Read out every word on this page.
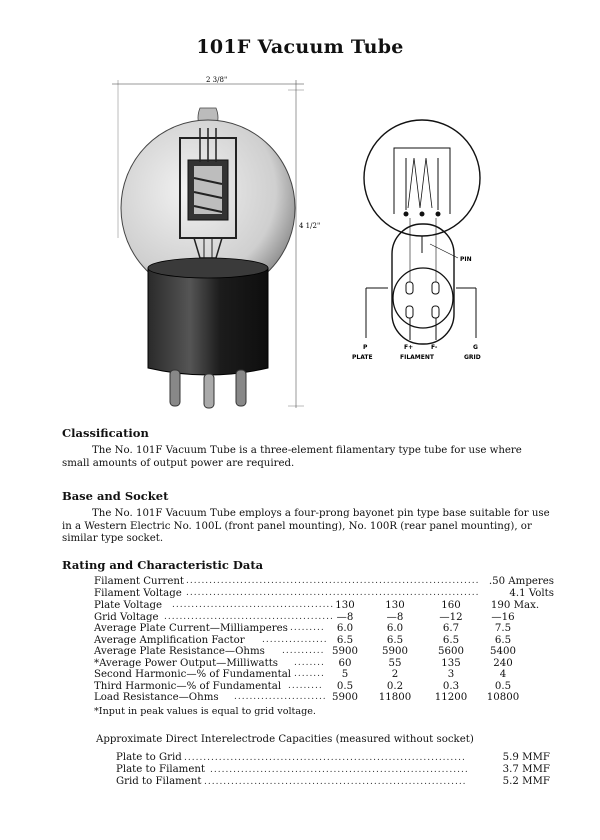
101F Vacuum Tube
2 3/8"
4 1/2"
PIN
P	F+	F-	G
PLATE	FILAMENT	GRID
Classification

The No. 101F Vacuum Tube is a three-element filamentary type tube for use where small amounts of output power are required.

Base and Socket

The No. 101F Vacuum Tube employs a four-prong bayonet pin type base suitable for use in a Western Electric No. 100L (front panel mounting), No. 100R (rear panel mounting), or similar type socket.

Rating and Characteristic Data
Filament Current ............................................................................ .50 Amperes
Filament Voltage ............................................................................	4.1 Volts
Plate Voltage .......................................... 130	130	160	190 Max.
Grid Voltage ............................................ —8	—8	—12	—16
Average Plate Current—Milliamperes .........	6.0	6.0	6.7	7.5
Average Amplification Factor ................. 6.5	6.5	6.5	6.5
Average Plate Resistance—Ohms ........... 5900	5900	5600	5400
*Average Power Output—Milliwatts ........	60	55	135	240
Second Harmonic—% of Fundamental ........	5	2	3	4
Third Harmonic—% of Fundamental .........	0.5	0.2	0.3	0.5
Load Resistance—Ohms ........................ 5900	11800	11200	10800
*Input in peak values is equal to grid voltage.
Approximate Direct Interelectrode Capacities (measured without socket)
Plate to Grid .........................................................................	5.9 MMF
Plate to Filament ...................................................................	3.7 MMF
Grid to Filament ....................................................................	5.2 MMF
